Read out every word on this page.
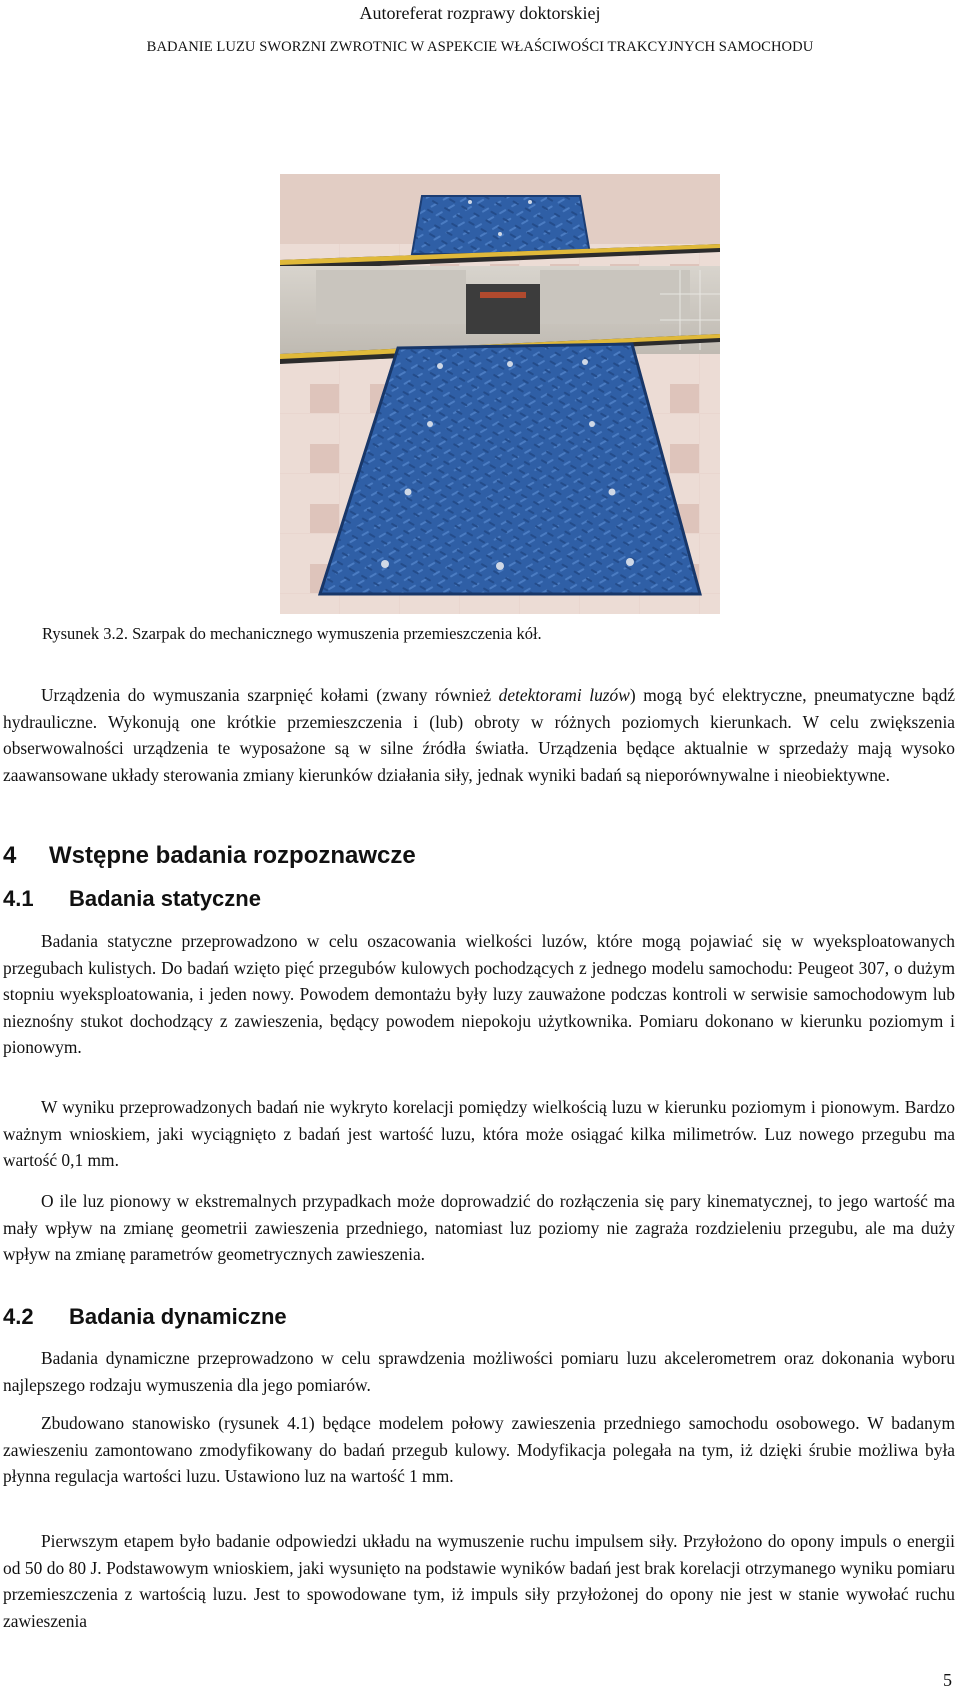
Autoreferat rozprawy doktorskiej
BADANIE LUZU SWORZNI ZWROTNIC W ASPEKCIE WŁAŚCIWOŚCI TRAKCYJNYCH SAMOCHODU
Rysunek 3.2. Szarpak do mechanicznego wymuszenia przemieszczenia kół.

Urządzenia do wymuszania szarpnięć kołami (zwany również detektorami luzów) mogą być elektryczne, pneumatyczne bądź hydrauliczne. Wykonują one krótkie przemieszczenia i (lub) obroty w różnych poziomych kierunkach. W celu zwiększenia obserwowalności urządzenia te wyposażone są w silne źródła światła. Urządzenia będące aktualnie w sprzedaży mają wysoko zaawansowane układy sterowania zmiany kierunków działania siły, jednak wyniki badań są nieporównywalne i nieobiektywne.

4 Wstępne badania rozpoznawcze
4.1 Badania statyczne

Badania statyczne przeprowadzono w celu oszacowania wielkości luzów, które mogą pojawiać się w wyeksploatowanych przegubach kulistych. Do badań wzięto pięć przegubów kulowych pochodzących z jednego modelu samochodu: Peugeot 307, o dużym stopniu wyeksploatowania, i jeden nowy. Powodem demontażu były luzy zauważone podczas kontroli w serwisie samochodowym lub nieznośny stukot dochodzący z zawieszenia, będący powodem niepokoju użytkownika. Pomiaru dokonano w kierunku poziomym i pionowym.

W wyniku przeprowadzonych badań nie wykryto korelacji pomiędzy wielkością luzu w kierunku poziomym i pionowym. Bardzo ważnym wnioskiem, jaki wyciągnięto z badań jest wartość luzu, która może osiągać kilka milimetrów. Luz nowego przegubu ma wartość 0,1 mm.

O ile luz pionowy w ekstremalnych przypadkach może doprowadzić do rozłączenia się pary kinematycznej, to jego wartość ma mały wpływ na zmianę geometrii zawieszenia przedniego, natomiast luz poziomy nie zagraża rozdzieleniu przegubu, ale ma duży wpływ na zmianę parametrów geometrycznych zawieszenia.

4.2 Badania dynamiczne

Badania dynamiczne przeprowadzono w celu sprawdzenia możliwości pomiaru luzu akcelerometrem oraz dokonania wyboru najlepszego rodzaju wymuszenia dla jego pomiarów.

Zbudowano stanowisko (rysunek 4.1) będące modelem połowy zawieszenia przedniego samochodu osobowego. W badanym zawieszeniu zamontowano zmodyfikowany do badań przegub kulowy. Modyfikacja polegała na tym, iż dzięki śrubie możliwa była płynna regulacja wartości luzu. Ustawiono luz na wartość 1 mm.

Pierwszym etapem było badanie odpowiedzi układu na wymuszenie ruchu impulsem siły. Przyłożono do opony impuls o energii od 50 do 80 J. Podstawowym wnioskiem, jaki wysunięto na podstawie wyników badań jest brak korelacji otrzymanego wyniku pomiaru przemieszczenia z wartością luzu. Jest to spowodowane tym, iż impuls siły przyłożonej do opony nie jest w stanie wywołać ruchu zawieszenia

5
